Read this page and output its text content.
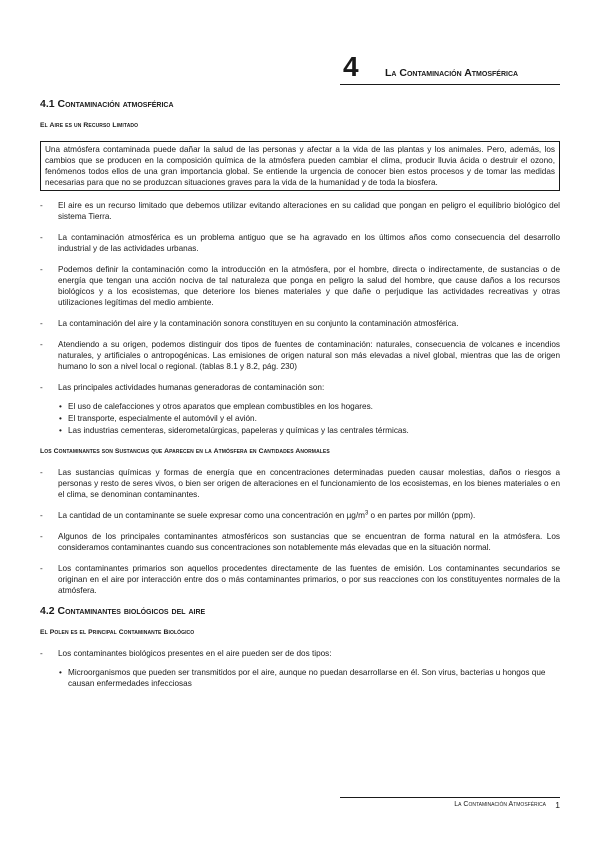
4	La Contaminación Atmosférica
4.1 Contaminación atmosférica
El Aire es un Recurso Limitado
Una atmósfera contaminada puede dañar la salud de las personas y afectar a la vida de las plantas y los animales. Pero, además, los cambios que se producen en la composición química de la atmósfera pueden cambiar el clima, producir lluvia ácida o destruir el ozono, fenómenos todos ellos de una gran importancia global. Se entiende la urgencia de conocer bien estos procesos y de tomar las medidas necesarias para que no se produzcan situaciones graves para la vida de la humanidad y de toda la biosfera.
- El aire es un recurso limitado que debemos utilizar evitando alteraciones en su calidad que pongan en peligro el equilibrio biológico del sistema Tierra.
- La contaminación atmosférica es un problema antiguo que se ha agravado en los últimos años como consecuencia del desarrollo industrial y de las actividades urbanas.
- Podemos definir la contaminación como la introducción en la atmósfera, por el hombre, directa o indirectamente, de sustancias o de energía que tengan una acción nociva de tal naturaleza que ponga en peligro la salud del hombre, que cause daños a los recursos biológicos y a los ecosistemas, que deteriore los bienes materiales y que dañe o perjudique las actividades recreativas y otras utilizaciones legítimas del medio ambiente.
- La contaminación del aire y la contaminación sonora constituyen en su conjunto la contaminación atmosférica.
- Atendiendo a su origen, podemos distinguir dos tipos de fuentes de contaminación: naturales, consecuencia de volcanes e incendios naturales, y artificiales o antropogénicas. Las emisiones de origen natural son más elevadas a nivel global, mientras que las de origen humano lo son a nivel local o regional. (tablas 8.1 y 8.2, pág. 230)
- Las principales actividades humanas generadoras de contaminación son:
• El uso de calefacciones y otros aparatos que emplean combustibles en los hogares.
• El transporte, especialmente el automóvil y el avión.
• Las industrias cementeras, siderometalúrgicas, papeleras y químicas y las centrales térmicas.
Los Contaminantes son Sustancias que Aparecen en la Atmósfera en Cantidades Anormales
- Las sustancias químicas y formas de energía que en concentraciones determinadas pueden causar molestias, daños o riesgos a personas y resto de seres vivos, o bien ser origen de alteraciones en el funcionamiento de los ecosistemas, en los bienes materiales o en el clima, se denominan contaminantes.
- La cantidad de un contaminante se suele expresar como una concentración en $\mu g/m^3$ o en partes por millón (ppm).
- Algunos de los principales contaminantes atmosféricos son sustancias que se encuentran de forma natural en la atmósfera. Los consideramos contaminantes cuando sus concentraciones son notablemente más elevadas que en la situación normal.
- Los contaminantes primarios son aquellos procedentes directamente de las fuentes de emisión. Los contaminantes secundarios se originan en el aire por interacción entre dos o más contaminantes primarios, o por sus reacciones con los constituyentes normales de la atmósfera.
4.2 Contaminantes biológicos del aire
El Polen es el Principal Contaminante Biológico
- Los contaminantes biológicos presentes en el aire pueden ser de dos tipos:
• Microorganismos que pueden ser transmitidos por el aire, aunque no puedan desarrollarse en él. Son virus, bacterias u hongos que causan enfermedades infecciosas
La Contaminación Atmosférica 1
